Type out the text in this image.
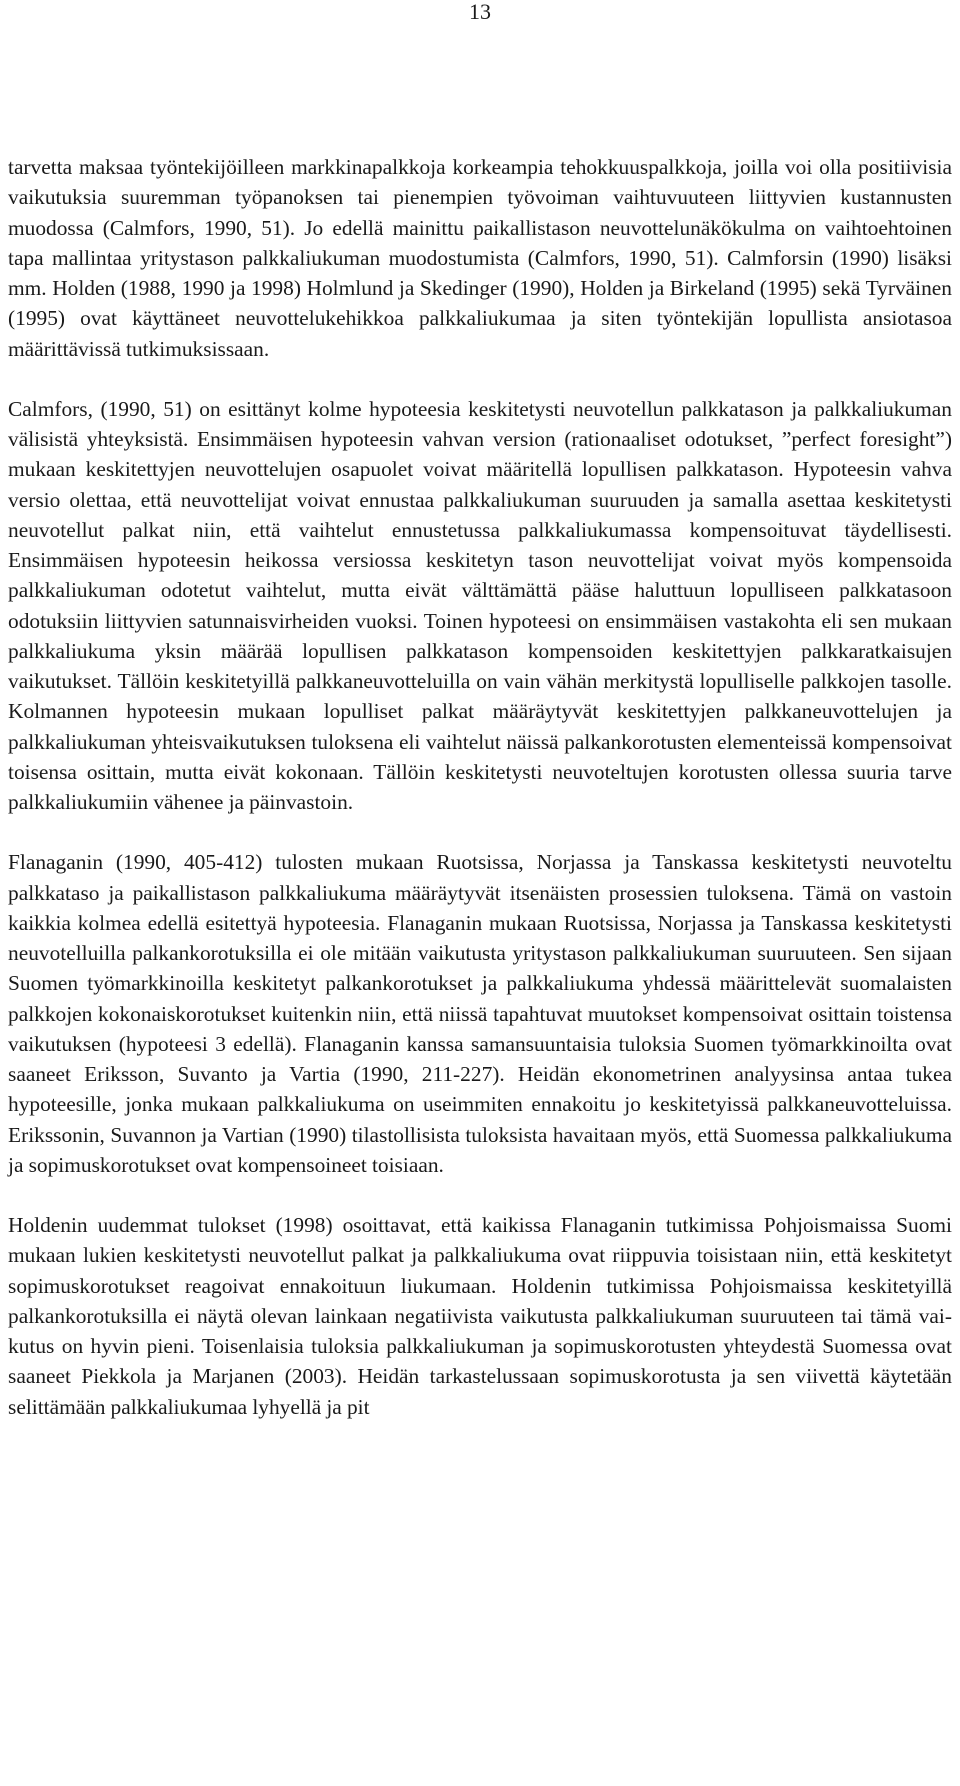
13

tarvetta maksaa työntekijöilleen markkinapalkkoja korkeampia tehokkuuspalkkoja, joilla voi olla positiivisia vaikutuksia suuremman työpanoksen tai pienempien työvoiman vaihtuvuuteen liittyvien kustannusten muodossa (Calmfors, 1990, 51). Jo edellä mainittu paikallistason neuvottelunäkökulma on vaihtoehtoinen tapa mallintaa yritystason palkkaliukuman muodostumista (Calmfors, 1990, 51). Calmforsin (1990) lisäksi mm. Holden (1988, 1990 ja 1998) Holmlund ja Skedinger (1990), Holden ja Birkeland (1995) sekä Tyrväinen (1995) ovat käyttäneet neuvottelukehikkoa palkkaliukumaa ja siten työntekijän lopullista ansiotasoa määrittävissä tutkimuksissaan.

Calmfors, (1990, 51) on esittänyt kolme hypoteesia keskitetysti neuvotellun palkkatason ja palkkaliukuman välisistä yhteyksistä. Ensimmäisen hypoteesin vahvan version (rationaaliset odotukset, ”perfect foresight”) mukaan keskitettyjen neuvottelujen osapuolet voivat määritellä lopullisen palkkatason. Hypoteesin vahva versio olettaa, että neuvottelijat voivat ennustaa palkkaliukuman suuruuden ja samalla asettaa keskitetysti neuvotellut palkat niin, että vaihtelut ennustetussa palkkaliukumassa kompensoituvat täydellisesti. Ensimmäisen hypoteesin heikossa versiossa keskitetyn tason neuvottelijat voivat myös kompensoida palkkaliukuman odotetut vaihtelut, mutta eivät välttämättä pääse haluttuun lopulliseen palkkatasoon odotuksiin liittyvien satunnaisvirheiden vuoksi. Toinen hypoteesi on ensimmäisen vastakohta eli sen mukaan palkkaliukuma yksin määrää lopullisen palkkatason kompensoiden keskitettyjen palkkaratkaisujen vaikutukset. Tällöin keskitetyillä palkkaneuvotteluilla on vain vähän merkitystä lopulliselle palkkojen tasolle. Kolmannen hypoteesin mukaan lopulliset palkat määräytyvät keskitettyjen palkkaneuvottelujen ja palkkaliukuman yhteisvaikutuksen tuloksena eli vaihtelut näissä palkankorotusten elementeissä kompensoivat toisensa osittain, mutta eivät kokonaan. Tällöin keskitetysti neuvoteltujen korotusten ollessa suuria tarve palkkaliukumiin vähenee ja päinvastoin.

Flanaganin (1990, 405-412) tulosten mukaan Ruotsissa, Norjassa ja Tanskassa keskitetysti neuvoteltu palkkataso ja paikallistason palkkaliukuma määräytyvät itsenäisten prosessien tuloksena. Tämä on vastoin kaikkia kolmea edellä esitettyä hypoteesia. Flanaganin mukaan Ruotsissa, Norjassa ja Tanskassa keskitetysti neuvotelluilla palkankorotuksilla ei ole mitään vaikutusta yritystason palkkaliukuman suuruuteen. Sen sijaan Suomen työmarkkinoilla keskitetyt palkankorotukset ja palkkaliukuma yhdessä määrittelevät suomalaisten palkkojen kokonaiskorotukset kuitenkin niin, että niissä tapahtuvat muutokset kompensoivat osittain toistensa vaikutuksen (hypoteesi 3 edellä). Flanaganin kanssa samansuuntaisia tuloksia Suomen työmarkkinoilta ovat saaneet Eriksson, Suvanto ja Vartia (1990, 211-227). Heidän ekonometrinen analyysinsa antaa tukea hypoteesille, jonka mukaan palkkaliukuma on useimmiten ennakoitu jo keskitetyissä palkkaneuvotteluissa. Erikssonin, Suvannon ja Vartian (1990) tilastollisista tuloksista havaitaan myös, että Suomessa palkkaliukuma ja sopimuskorotukset ovat kompensoineet toisiaan.

Holdenin uudemmat tulokset (1998) osoittavat, että kaikissa Flanaganin tutkimissa Pohjoismaissa Suomi mukaan lukien keskitetysti neuvotellut palkat ja palkkaliukuma ovat riippuvia toisistaan niin, että keskitetyt sopimuskorotukset reagoivat ennakoituun liukumaan. Holdenin tutkimissa Pohjoismaissa keskitetyillä palkankorotuksilla ei näytä olevan lainkaan negatiivista vaikutusta palkkaliukuman suuruuteen tai tämä vaikutus on hyvin pieni. Toisenlaisia tuloksia palkkaliukuman ja sopimuskorotusten yhteydestä Suomessa ovat saaneet Piekkola ja Marjanen (2003). Heidän tarkastelussaan sopimuskorotusta ja sen viivettä käytetään selittämään palkkaliukumaa lyhyellä ja pit
